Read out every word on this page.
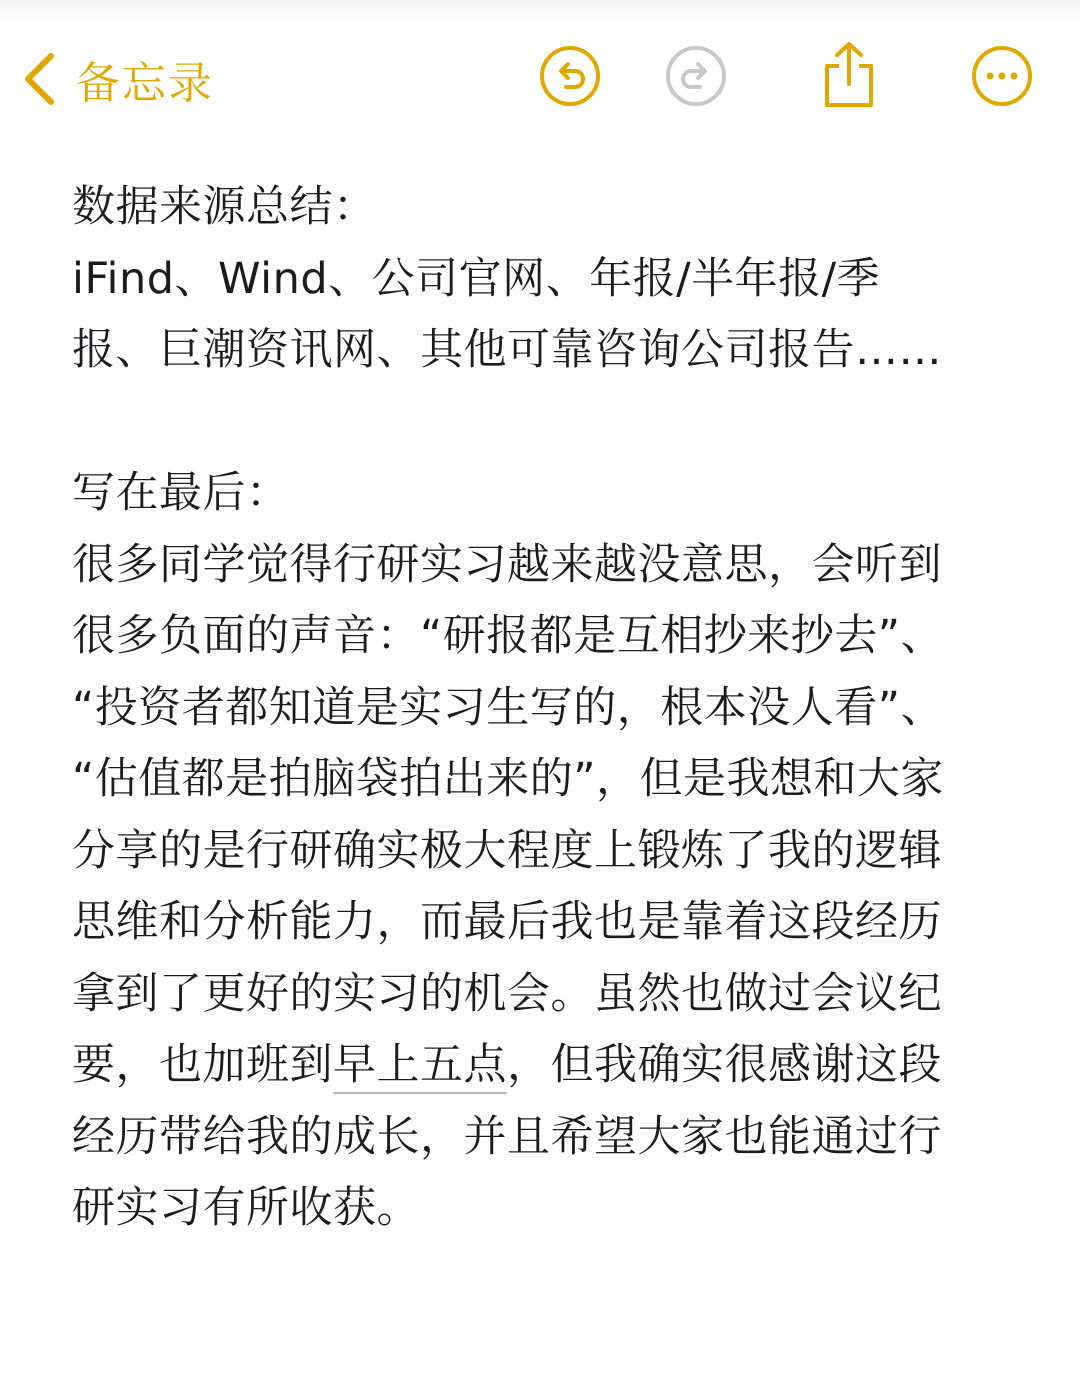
备忘录
数据来源总结：
iFind、Wind、公司官网、年报/半年报/季
报、巨潮资讯网、其他可靠咨询公司报告……
写在最后：
很多同学觉得行研实习越来越没意思，会听到
很多负面的声音：“研报都是互相抄来抄去”、
“投资者都知道是实习生写的，根本没人看”、
“估值都是拍脑袋拍出来的”，但是我想和大家
分享的是行研确实极大程度上锻炼了我的逻辑
思维和分析能力，而最后我也是靠着这段经历
拿到了更好的实习的机会。虽然也做过会议纪
要，也加班到早上五点，但我确实很感谢这段
经历带给我的成长，并且希望大家也能通过行
研实习有所收获。
